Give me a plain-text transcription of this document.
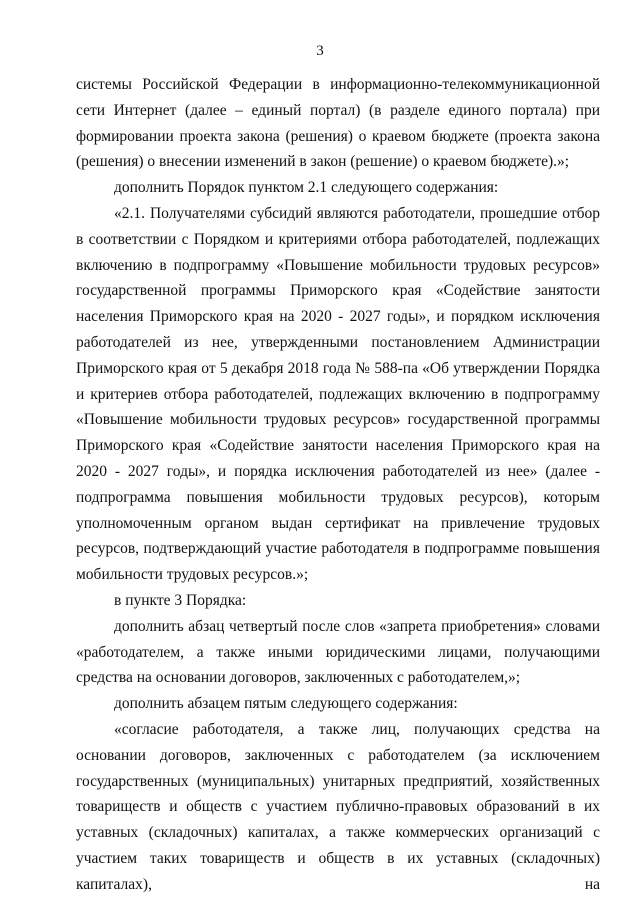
3

системы Российской Федерации в информационно-телекоммуникационной сети Интернет (далее – единый портал) (в разделе единого портала) при формировании проекта закона (решения) о краевом бюджете (проекта закона (решения) о внесении изменений в закон (решение) о краевом бюджете).»;

дополнить Порядок пунктом 2.1 следующего содержания:

«2.1. Получателями субсидий являются работодатели, прошедшие отбор в соответствии с Порядком и критериями отбора работодателей, подлежащих включению в подпрограмму «Повышение мобильности трудовых ресурсов» государственной программы Приморского края «Содействие занятости населения Приморского края на 2020 - 2027 годы», и порядком исключения работодателей из нее, утвержденными постановлением Администрации Приморского края от 5 декабря 2018 года № 588-па «Об утверждении Порядка и критериев отбора работодателей, подлежащих включению в подпрограмму «Повышение мобильности трудовых ресурсов» государственной программы Приморского края «Содействие занятости населения Приморского края на 2020 - 2027 годы», и порядка исключения работодателей из нее» (далее - подпрограмма повышения мобильности трудовых ресурсов), которым уполномоченным органом выдан сертификат на привлечение трудовых ресурсов, подтверждающий участие работодателя в подпрограмме повышения мобильности трудовых ресурсов.»;

в пункте 3 Порядка:

дополнить абзац четвертый после слов «запрета приобретения» словами «работодателем, а также иными юридическими лицами, получающими средства на основании договоров, заключенных с работодателем,»;

дополнить абзацем пятым следующего содержания:

«согласие работодателя, а также лиц, получающих средства на основании договоров, заключенных с работодателем (за исключением государственных (муниципальных) унитарных предприятий, хозяйственных товариществ и обществ с участием публично-правовых образований в их уставных (складочных) капиталах, а также коммерческих организаций с участием таких товариществ и обществ в их уставных (складочных) капиталах), на
